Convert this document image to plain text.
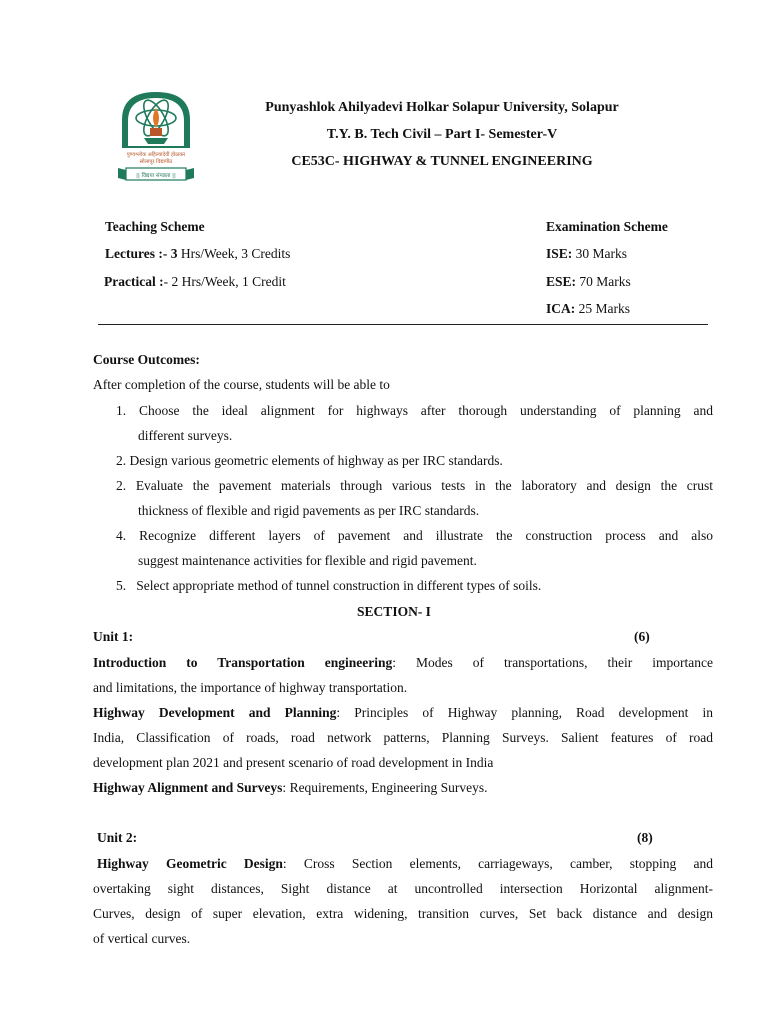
पुण्यश्लोक अहिल्यादेवी होळकर
सोलापूर विद्यापीठ
|| विद्यया संपन्नता ||
Punyashlok Ahilyadevi Holkar Solapur University, Solapur
T.Y. B. Tech Civil – Part I- Semester-V
CE53C- HIGHWAY & TUNNEL ENGINEERING
Teaching Scheme
Lectures :- 3 Hrs/Week, 3 Credits
Practical :- 2 Hrs/Week, 1 Credit
Examination Scheme
ISE: 30 Marks
ESE: 70 Marks
ICA: 25 Marks
Course Outcomes:
After completion of the course, students will be able to
1. Choose the ideal alignment for highways after thorough understanding of planning and
different surveys.
2. Design various geometric elements of highway as per IRC standards.
2. Evaluate the pavement materials through various tests in the laboratory and design the crust
thickness of flexible and rigid pavements as per IRC standards.
4. Recognize different layers of pavement and illustrate the construction process and also
suggest maintenance activities for flexible and rigid pavement.
5. Select appropriate method of tunnel construction in different types of soils.
SECTION- I
Unit 1:	(6)
Introduction to Transportation engineering: Modes of transportations, their importance
and limitations, the importance of highway transportation.
Highway Development and Planning: Principles of Highway planning, Road development in
India, Classification of roads, road network patterns, Planning Surveys. Salient features of road
development plan 2021 and present scenario of road development in India
Highway Alignment and Surveys: Requirements, Engineering Surveys.
Unit 2:	(8)
Highway Geometric Design: Cross Section elements, carriageways, camber, stopping and
overtaking sight distances, Sight distance at uncontrolled intersection Horizontal alignment-
Curves, design of super elevation, extra widening, transition curves, Set back distance and design
of vertical curves.
